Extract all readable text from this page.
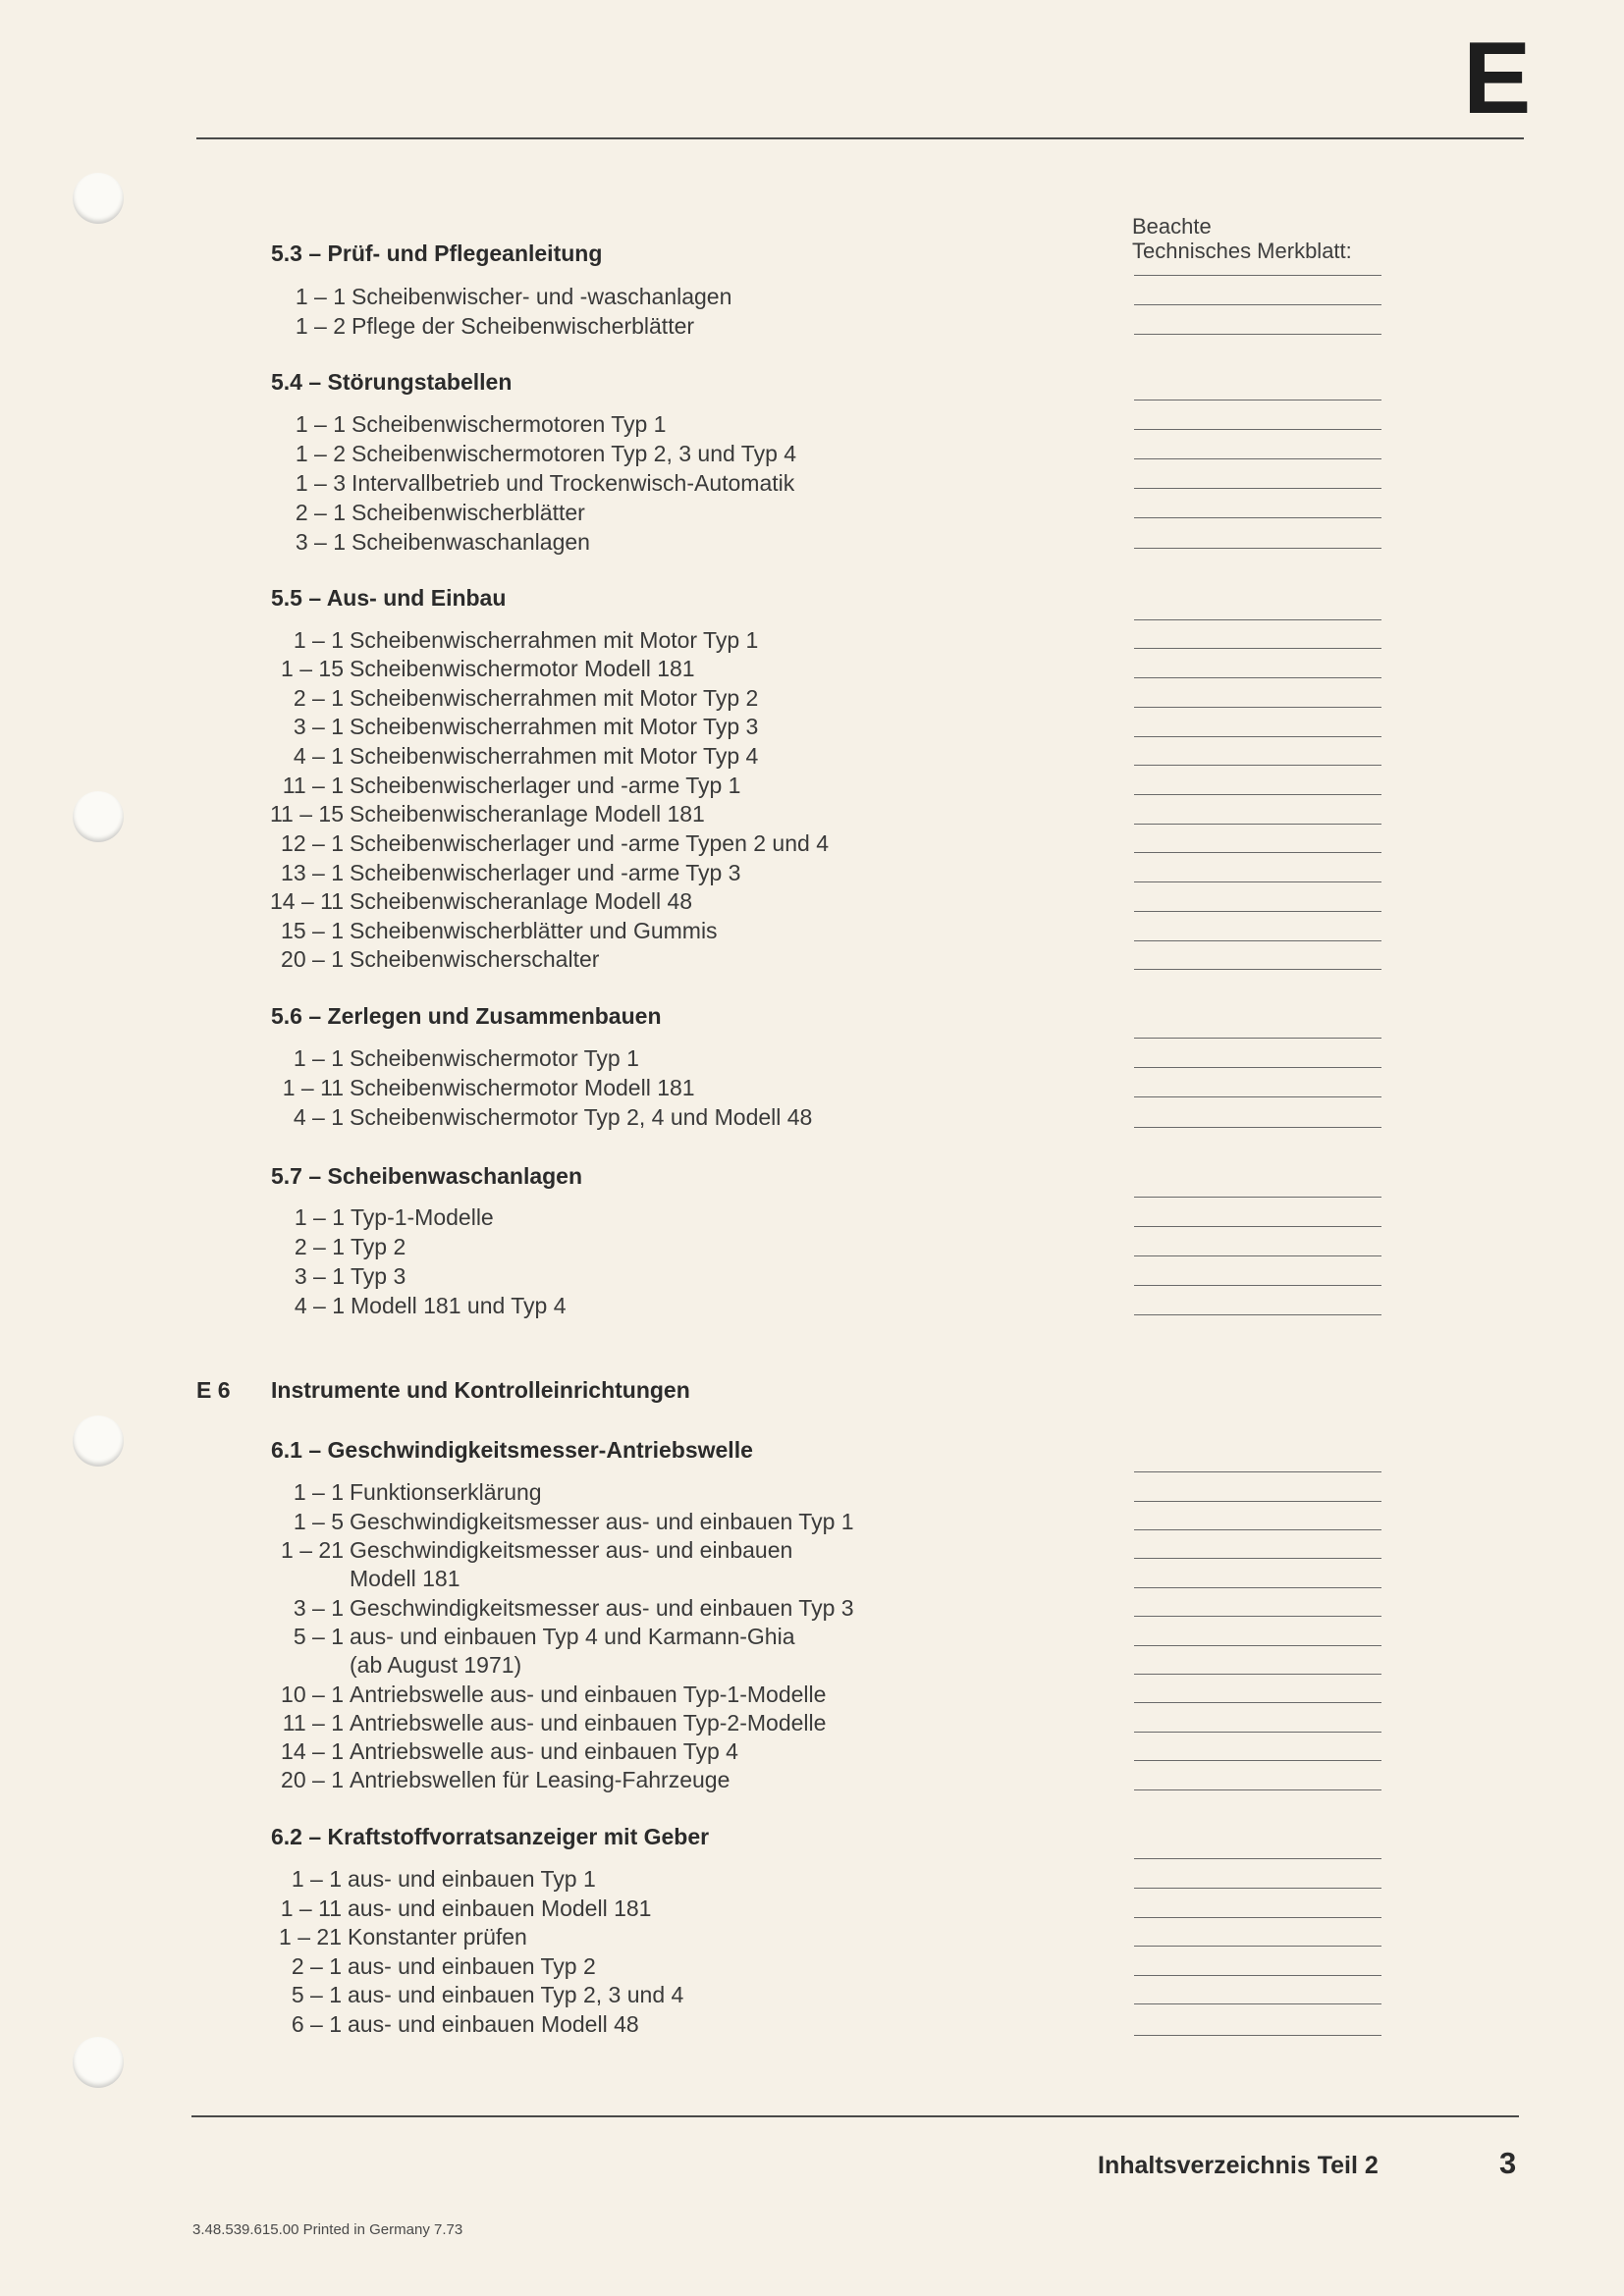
E
Beachte
Technisches Merkblatt:
5.3 – Prüf- und Pflegeanleitung
1 – 1 Scheibenwischer- und -waschanlagen
1 – 2 Pflege der Scheibenwischerblätter
5.4 – Störungstabellen
1 – 1 Scheibenwischermotoren Typ 1
1 – 2 Scheibenwischermotoren Typ 2, 3 und Typ 4
1 – 3 Intervallbetrieb und Trockenwisch-Automatik
2 – 1 Scheibenwischerblätter
3 – 1 Scheibenwaschanlagen
5.5 – Aus- und Einbau
1 – 1 Scheibenwischerrahmen mit Motor Typ 1
1 – 15 Scheibenwischermotor Modell 181
2 – 1 Scheibenwischerrahmen mit Motor Typ 2
3 – 1 Scheibenwischerrahmen mit Motor Typ 3
4 – 1 Scheibenwischerrahmen mit Motor Typ 4
11 – 1 Scheibenwischerlager und -arme Typ 1
11 – 15 Scheibenwischeranlage Modell 181
12 – 1 Scheibenwischerlager und -arme Typen 2 und 4
13 – 1 Scheibenwischerlager und -arme Typ 3
14 – 11 Scheibenwischeranlage Modell 48
15 – 1 Scheibenwischerblätter und Gummis
20 – 1 Scheibenwischerschalter
5.6 – Zerlegen und Zusammenbauen
1 – 1 Scheibenwischermotor Typ 1
1 – 11 Scheibenwischermotor Modell 181
4 – 1 Scheibenwischermotor Typ 2, 4 und Modell 48
5.7 – Scheibenwaschanlagen
1 – 1 Typ-1-Modelle
2 – 1 Typ 2
3 – 1 Typ 3
4 – 1 Modell 181 und Typ 4
E 6 Instrumente und Kontrolleinrichtungen
6.1 – Geschwindigkeitsmesser-Antriebswelle
1 – 1 Funktionserklärung
1 – 5 Geschwindigkeitsmesser aus- und einbauen Typ 1
1 – 21 Geschwindigkeitsmesser aus- und einbauen
Modell 181
3 – 1 Geschwindigkeitsmesser aus- und einbauen Typ 3
5 – 1 aus- und einbauen Typ 4 und Karmann-Ghia
(ab August 1971)
10 – 1 Antriebswelle aus- und einbauen Typ-1-Modelle
11 – 1 Antriebswelle aus- und einbauen Typ-2-Modelle
14 – 1 Antriebswelle aus- und einbauen Typ 4
20 – 1 Antriebswellen für Leasing-Fahrzeuge
6.2 – Kraftstoffvorratsanzeiger mit Geber
1 – 1 aus- und einbauen Typ 1
1 – 11 aus- und einbauen Modell 181
1 – 21 Konstanter prüfen
2 – 1 aus- und einbauen Typ 2
5 – 1 aus- und einbauen Typ 2, 3 und 4
6 – 1 aus- und einbauen Modell 48
Inhaltsverzeichnis Teil 2	3
3.48.539.615.00 Printed in Germany 7.73
